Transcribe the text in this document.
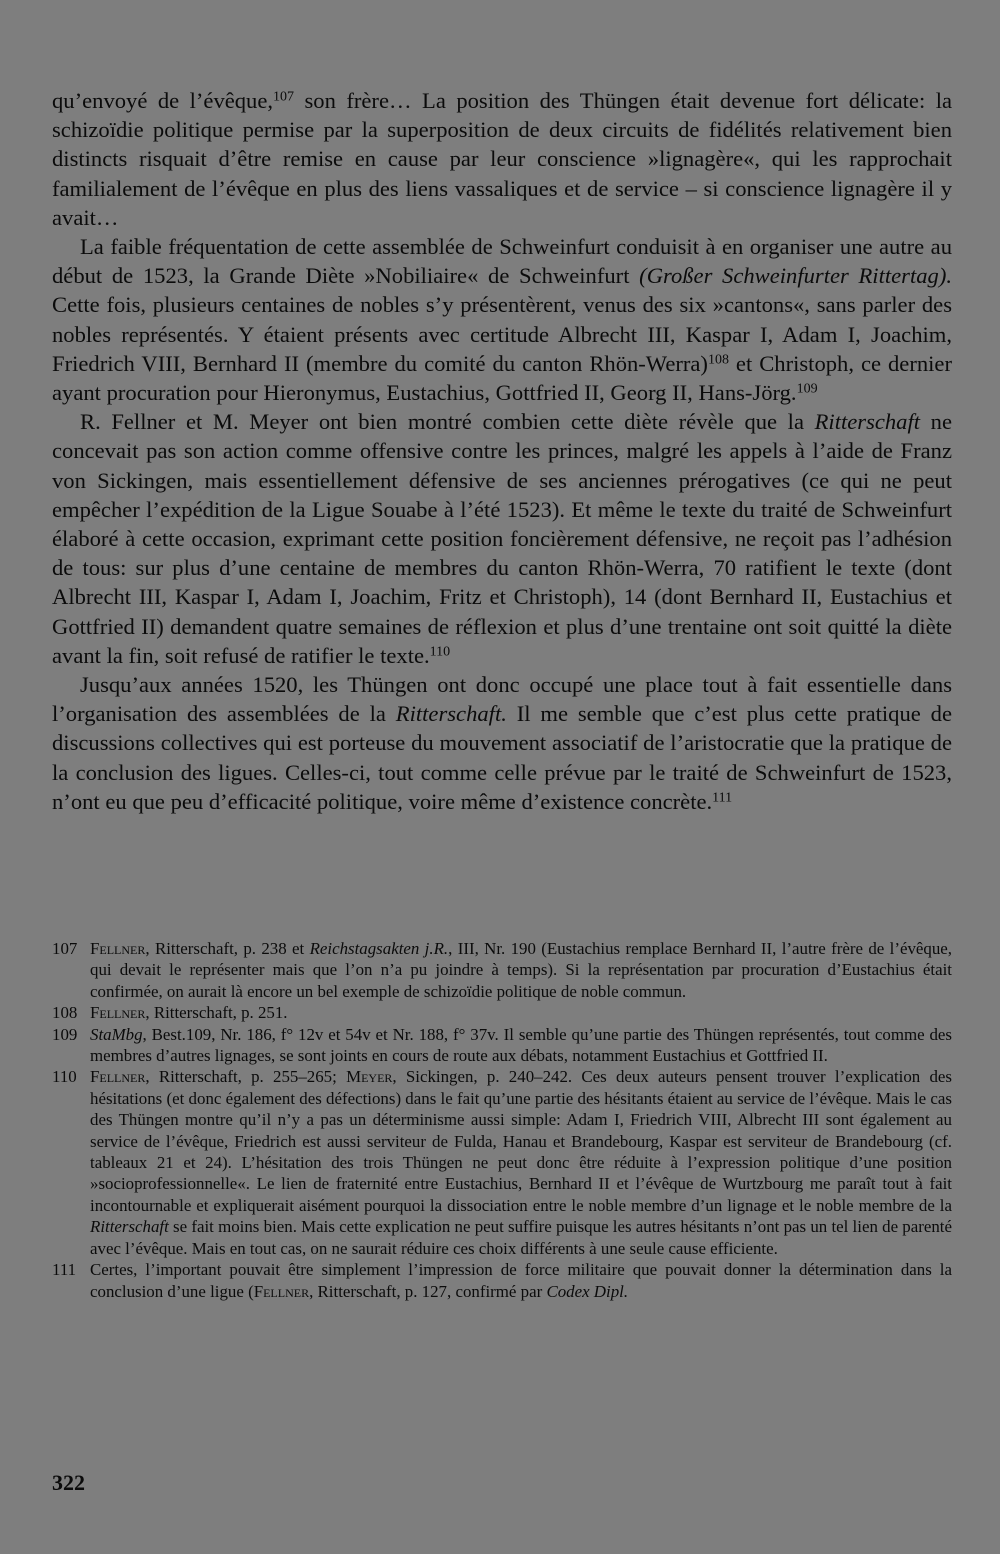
qu’envoyé de l’évêque,$^{107}$ son frère… La position des Thüngen était devenue fort délicate: la schizoïdie politique permise par la superposition de deux circuits de fidélités relativement bien distincts risquait d’être remise en cause par leur conscience »lignagère«, qui les rapprochait familialement de l’évêque en plus des liens vassaliques et de service – si conscience lignagère il y avait…

La faible fréquentation de cette assemblée de Schweinfurt conduisit à en organiser une autre au début de 1523, la Grande Diète »Nobiliaire« de Schweinfurt (Großer Schweinfurter Rittertag). Cette fois, plusieurs centaines de nobles s’y présentèrent, venus des six »cantons«, sans parler des nobles représentés. Y étaient présents avec certitude Albrecht III, Kaspar I, Adam I, Joachim, Friedrich VIII, Bernhard II (membre du comité du canton Rhön-Werra)$^{108}$ et Christoph, ce dernier ayant procuration pour Hieronymus, Eustachius, Gottfried II, Georg II, Hans-Jörg.$^{109}$

R. Fellner et M. Meyer ont bien montré combien cette diète révèle que la Ritterschaft ne concevait pas son action comme offensive contre les princes, malgré les appels à l’aide de Franz von Sickingen, mais essentiellement défensive de ses anciennes prérogatives (ce qui ne peut empêcher l’expédition de la Ligue Souabe à l’été 1523). Et même le texte du traité de Schweinfurt élaboré à cette occasion, exprimant cette position foncièrement défensive, ne reçoit pas l’adhésion de tous: sur plus d’une centaine de membres du canton Rhön-Werra, 70 ratifient le texte (dont Albrecht III, Kaspar I, Adam I, Joachim, Fritz et Christoph), 14 (dont Bernhard II, Eustachius et Gottfried II) demandent quatre semaines de réflexion et plus d’une trentaine ont soit quitté la diète avant la fin, soit refusé de ratifier le texte.$^{110}$

Jusqu’aux années 1520, les Thüngen ont donc occupé une place tout à fait essentielle dans l’organisation des assemblées de la Ritterschaft. Il me semble que c’est plus cette pratique de discussions collectives qui est porteuse du mouvement associatif de l’aristocratie que la pratique de la conclusion des ligues. Celles-ci, tout comme celle prévue par le traité de Schweinfurt de 1523, n’ont eu que peu d’efficacité politique, voire même d’existence concrète.$^{111}$

107 Fellner, Ritterschaft, p. 238 et Reichstagsakten j.R., III, Nr. 190 (Eustachius remplace Bernhard II, l’autre frère de l’évêque, qui devait le représenter mais que l’on n’a pu joindre à temps). Si la représentation par procuration d’Eustachius était confirmée, on aurait là encore un bel exemple de schizoïdie politique de noble commun.

108 Fellner, Ritterschaft, p. 251.

109 StaMbg, Best.109, Nr. 186, f° 12v et 54v et Nr. 188, f° 37v. Il semble qu’une partie des Thüngen représentés, tout comme des membres d’autres lignages, se sont joints en cours de route aux débats, notamment Eustachius et Gottfried II.

110 Fellner, Ritterschaft, p. 255–265; Meyer, Sickingen, p. 240–242. Ces deux auteurs pensent trouver l’explication des hésitations (et donc également des défections) dans le fait qu’une partie des hésitants étaient au service de l’évêque. Mais le cas des Thüngen montre qu’il n’y a pas un déterminisme aussi simple: Adam I, Friedrich VIII, Albrecht III sont également au service de l’évêque, Friedrich est aussi serviteur de Fulda, Hanau et Brandebourg, Kaspar est serviteur de Brandebourg (cf. tableaux 21 et 24). L’hésitation des trois Thüngen ne peut donc être réduite à l’expression politique d’une position »socioprofessionnelle«. Le lien de fraternité entre Eustachius, Bernhard II et l’évêque de Wurtzbourg me paraît tout à fait incontournable et expliquerait aisément pourquoi la dissociation entre le noble membre d’un lignage et le noble membre de la Ritterschaft se fait moins bien. Mais cette explication ne peut suffire puisque les autres hésitants n’ont pas un tel lien de parenté avec l’évêque. Mais en tout cas, on ne saurait réduire ces choix différents à une seule cause efficiente.

111 Certes, l’important pouvait être simplement l’impression de force militaire que pouvait donner la détermination dans la conclusion d’une ligue (Fellner, Ritterschaft, p. 127, confirmé par Codex Dipl.

322
